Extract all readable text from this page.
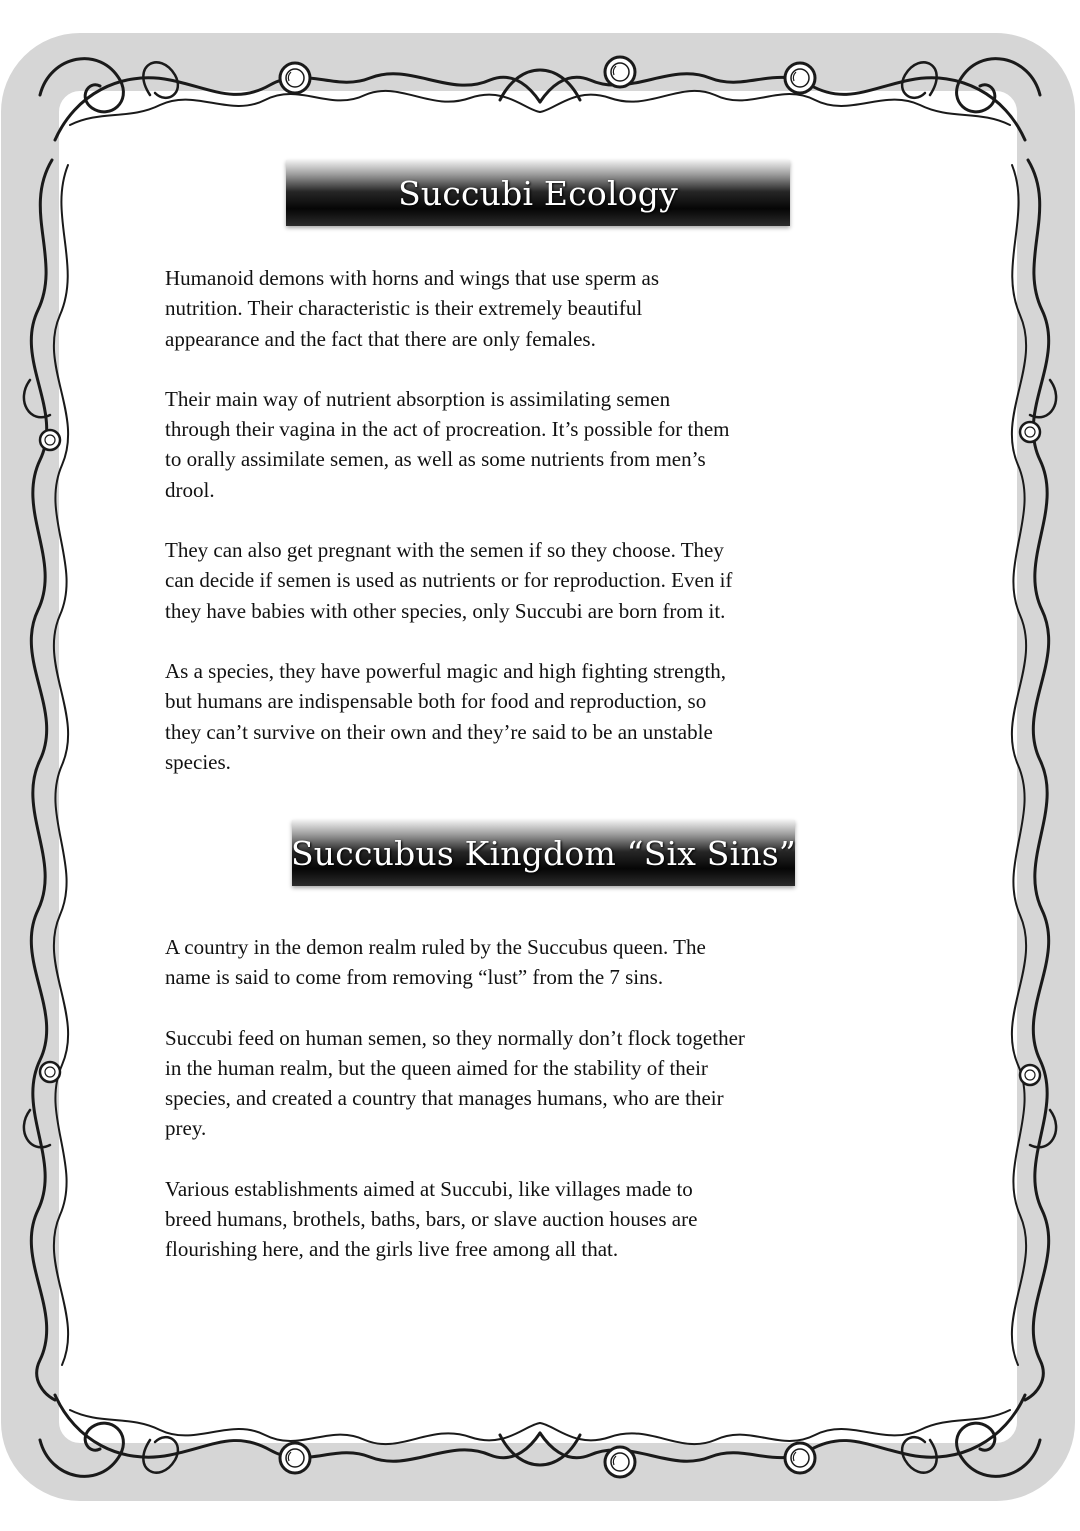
Succubi Ecology

Humanoid demons with horns and wings that use sperm as
nutrition. Their characteristic is their extremely beautiful
appearance and the fact that there are only females.

Their main way of nutrient absorption is assimilating semen
through their vagina in the act of procreation. It’s possible for them
to orally assimilate semen, as well as some nutrients from men’s
drool.

They can also get pregnant with the semen if so they choose. They
can decide if semen is used as nutrients or for reproduction. Even if
they have babies with other species, only Succubi are born from it.

As a species, they have powerful magic and high fighting strength,
but humans are indispensable both for food and reproduction, so
they can’t survive on their own and they’re said to be an unstable
species.

Succubus Kingdom “Six Sins”

A country in the demon realm ruled by the Succubus queen. The
name is said to come from removing “lust” from the 7 sins.

Succubi feed on human semen, so they normally don’t flock together
in the human realm, but the queen aimed for the stability of their
species, and created a country that manages humans, who are their
prey.

Various establishments aimed at Succubi, like villages made to
breed humans, brothels, baths, bars, or slave auction houses are
flourishing here, and the girls live free among all that.
